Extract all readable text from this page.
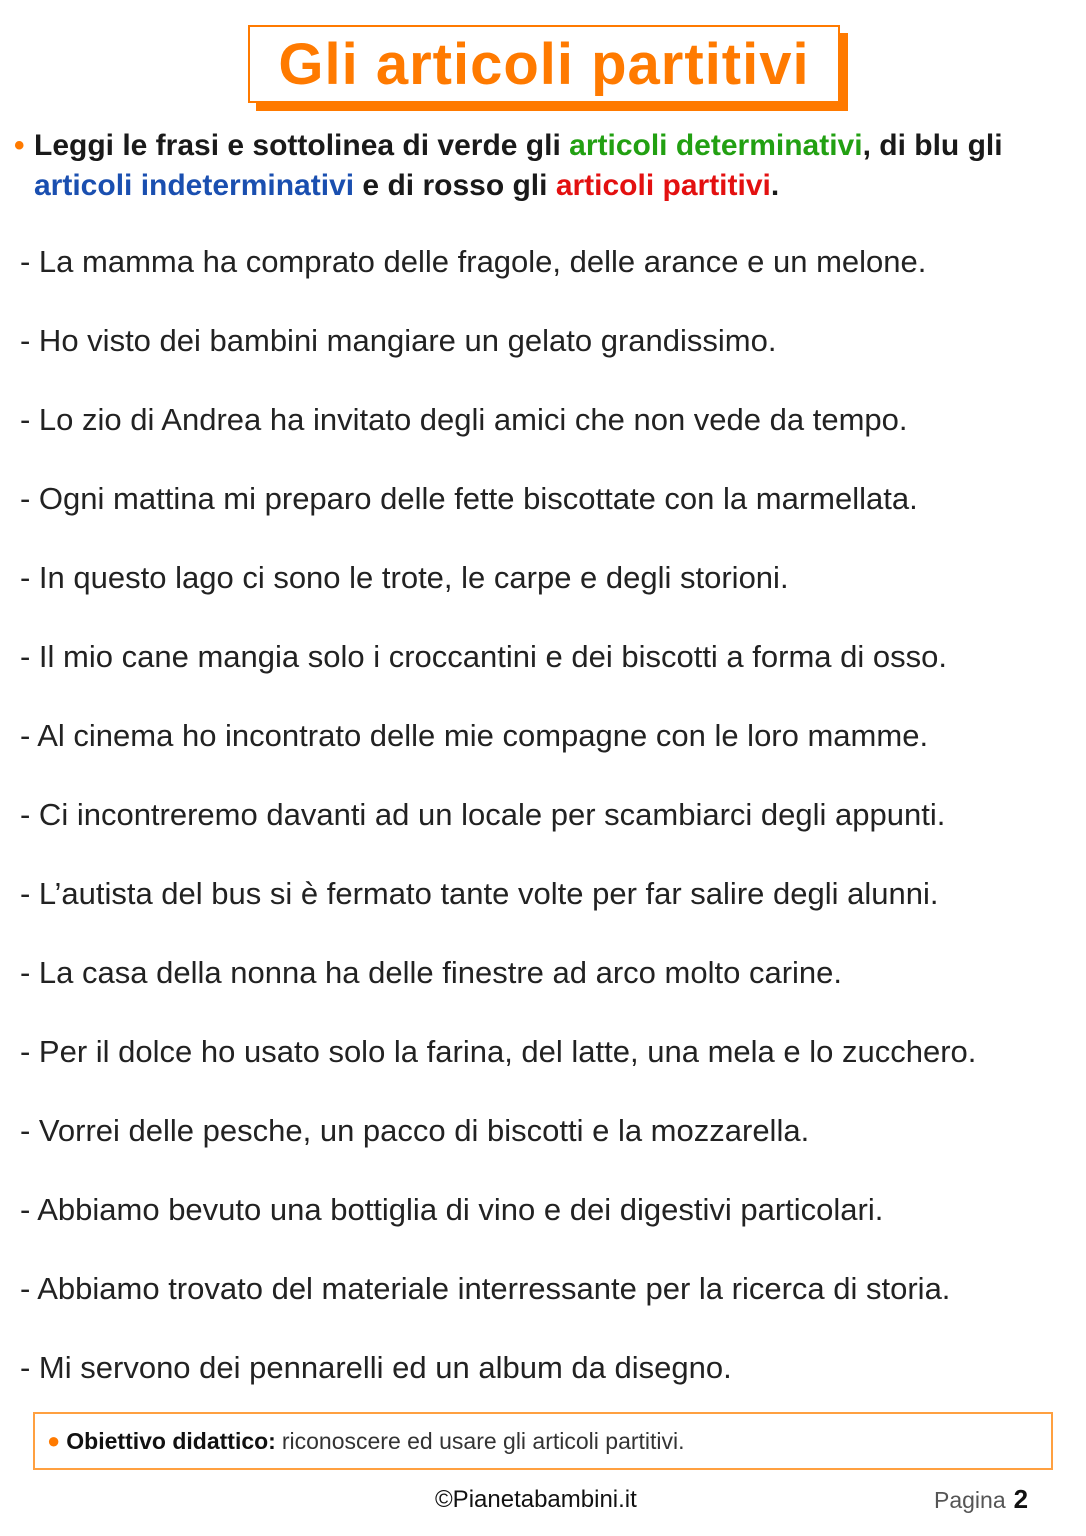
Gli articoli partitivi
• Leggi le frasi e sottolinea di verde gli articoli determinativi, di blu gli articoli indeterminativi e di rosso gli articoli partitivi.
- La mamma ha comprato delle fragole, delle arance e un melone.
- Ho visto dei bambini mangiare un gelato grandissimo.
- Lo zio di Andrea ha invitato degli amici che non vede da tempo.
- Ogni mattina mi preparo delle fette biscottate con la marmellata.
- In questo lago ci sono le trote, le carpe e degli storioni.
- Il mio cane mangia solo i croccantini e dei biscotti a forma di osso.
- Al cinema ho incontrato delle mie compagne con le loro mamme.
- Ci incontreremo davanti ad un locale per scambiarci degli appunti.
- L’autista del bus si è fermato tante volte per far salire degli alunni.
- La casa della nonna ha delle finestre ad arco molto carine.
- Per il dolce ho usato solo la farina, del latte, una mela e lo zucchero.
- Vorrei delle pesche, un pacco di biscotti e la mozzarella.
- Abbiamo bevuto una bottiglia di vino e dei digestivi particolari.
- Abbiamo trovato del materiale interressante per la ricerca di storia.
- Mi servono dei pennarelli ed un album da disegno.
● Obiettivo didattico: riconoscere ed usare gli articoli partitivi.
©Pianetabambini.it	Pagina 2
